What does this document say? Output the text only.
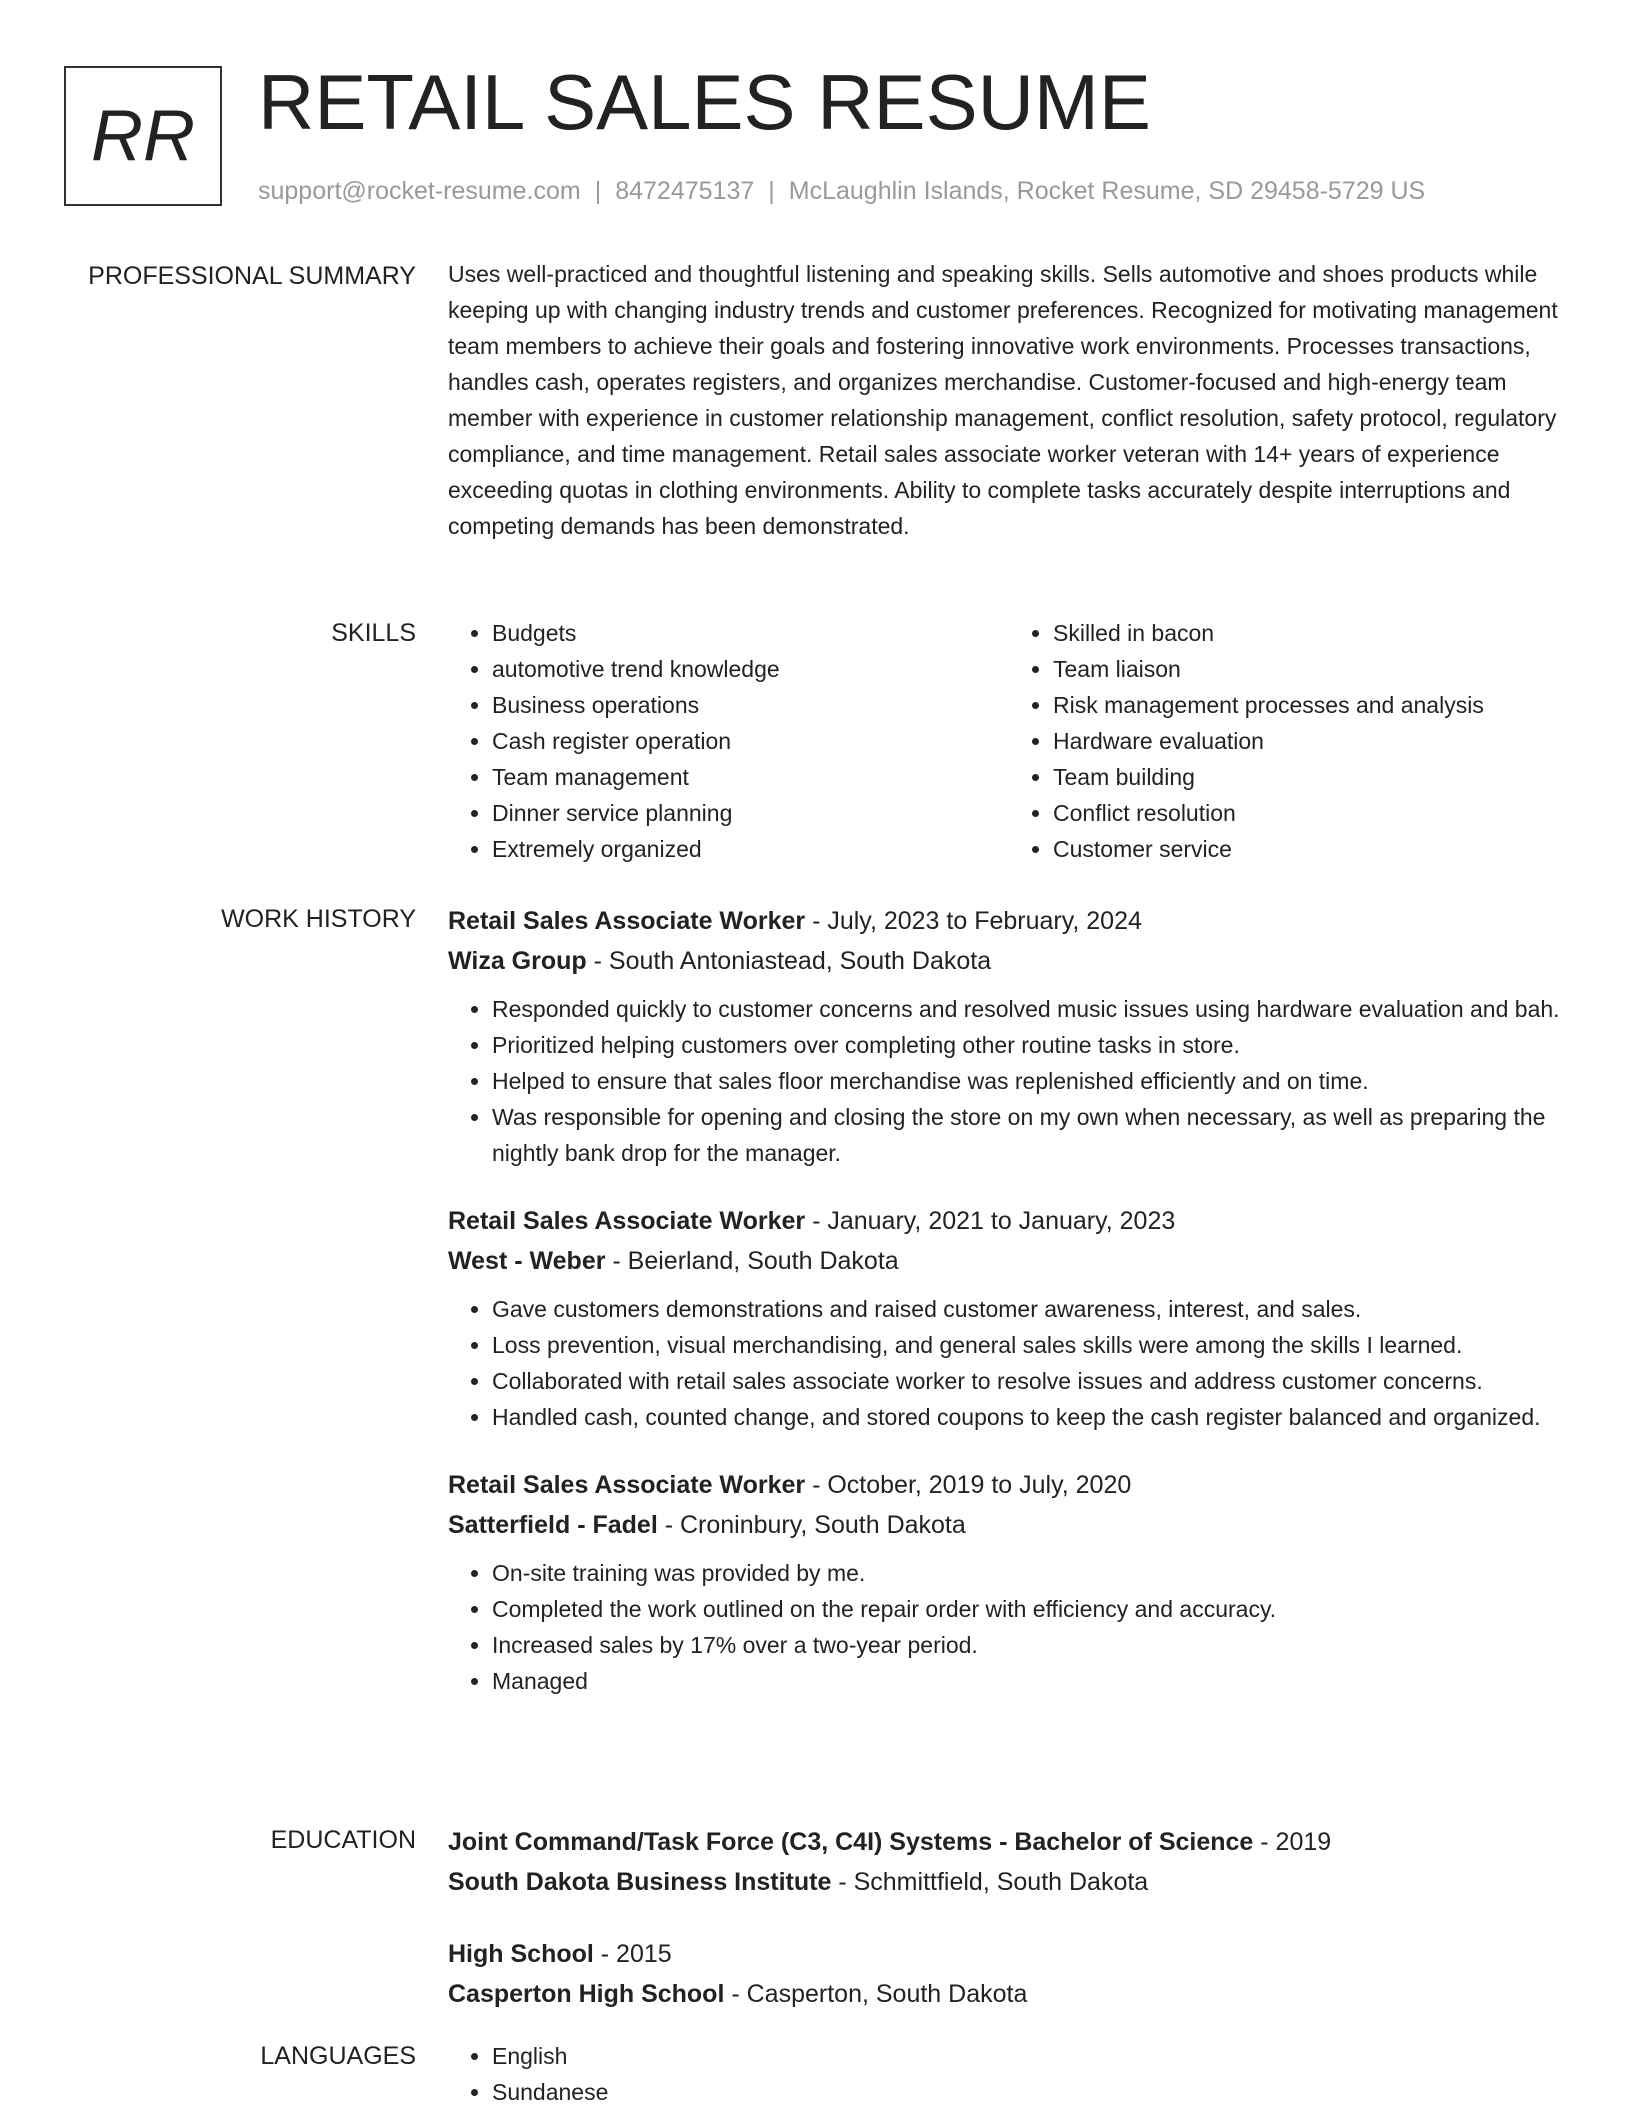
RR RETAIL SALES RESUME
support@rocket-resume.com | 8472475137 | McLaughlin Islands, Rocket Resume, SD 29458-5729 US
PROFESSIONAL SUMMARY Uses well-practiced and thoughtful listening and speaking skills. Sells automotive and shoes products while keeping up with changing industry trends and customer preferences. Recognized for motivating management team members to achieve their goals and fostering innovative work environments. Processes transactions, handles cash, operates registers, and organizes merchandise. Customer-focused and high-energy team member with experience in customer relationship management, conflict resolution, safety protocol, regulatory compliance, and time management. Retail sales associate worker veteran with 14+ years of experience exceeding quotas in clothing environments. Ability to complete tasks accurately despite interruptions and competing demands has been demonstrated.

SKILLS	• Budgets
• automotive trend knowledge
• Business operations
• Cash register operation
• Team management
• Dinner service planning
• Extremely organized
• Skilled in bacon
• Team liaison
• Risk management processes and analysis
• Hardware evaluation
• Team building
• Conflict resolution
• Customer service
WORK HISTORY Retail Sales Associate Worker - July, 2023 to February, 2024
Wiza Group - South Antoniastead, South Dakota
• Responded quickly to customer concerns and resolved music issues using hardware evaluation and bah.
• Prioritized helping customers over completing other routine tasks in store.
• Helped to ensure that sales floor merchandise was replenished efficiently and on time.
• Was responsible for opening and closing the store on my own when necessary, as well as preparing the nightly bank drop for the manager.
Retail Sales Associate Worker - January, 2021 to January, 2023
West - Weber - Beierland, South Dakota
• Gave customers demonstrations and raised customer awareness, interest, and sales.
• Loss prevention, visual merchandising, and general sales skills were among the skills I learned.
• Collaborated with retail sales associate worker to resolve issues and address customer concerns.
• Handled cash, counted change, and stored coupons to keep the cash register balanced and organized.
Retail Sales Associate Worker - October, 2019 to July, 2020
Satterfield - Fadel - Croninbury, South Dakota
• On-site training was provided by me.
• Completed the work outlined on the repair order with efficiency and accuracy.
• Increased sales by 17% over a two-year period.
• Managed
EDUCATION Joint Command/Task Force (C3, C4I) Systems - Bachelor of Science - 2019
South Dakota Business Institute - Schmittfield, South Dakota
High School - 2015
Casperton High School - Casperton, South Dakota
LANGUAGES	• English
• Sundanese
